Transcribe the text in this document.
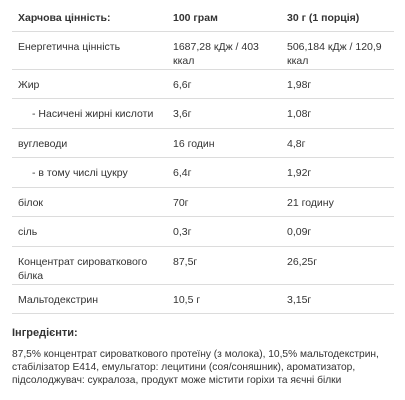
Харчова цінність:	100 грам	30 г (1 порція)
Енергетична цінність	1687,28 кДж / 403 ккал	506,184 кДж / 120,9 ккал
Жир	6,6г	1,98г
- Насичені жирні кислоти	3,6г	1,08г
вуглеводи	16 годин	4,8г
- в тому числі цукру	6,4г	1,92г
білок	70г	21 годину
сіль	0,3г	0,09г
Концентрат сироваткового білка	87,5г	26,25г
Мальтодекстрин	10,5 г	3,15г

Інгредієнти:

87,5% концентрат сироваткового протеїну (з молока), 10,5% мальтодекстрин, стабілізатор Е414, емульгатор: лецитини (соя/соняшник), ароматизатор, підсолоджувач: сукралоза, продукт може містити горіхи та яєчні білки
